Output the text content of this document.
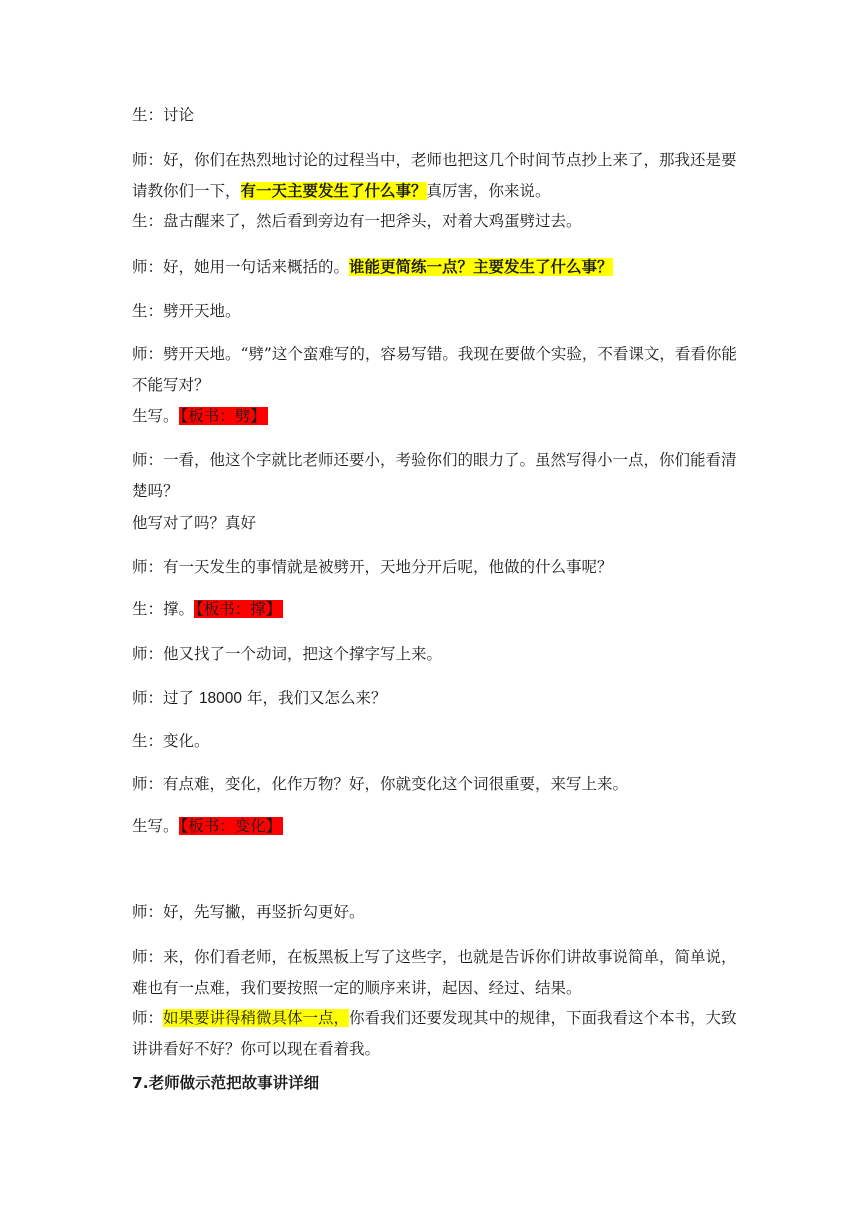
生：讨论

师：好，你们在热烈地讨论的过程当中，老师也把这几个时间节点抄上来了，那我还是要请教你们一下，有一天主要发生了什么事？真厉害，你来说。

生：盘古醒来了，然后看到旁边有一把斧头，对着大鸡蛋劈过去。

师：好，她用一句话来概括的。谁能更简练一点？主要发生了什么事？

生：劈开天地。

师：劈开天地。“劈”这个蛮难写的，容易写错。我现在要做个实验，不看课文，看看你能不能写对？

生写。 【板书：劈】

师：一看，他这个字就比老师还要小，考验你们的眼力了。虽然写得小一点，你们能看清楚吗？

他写对了吗？真好

师：有一天发生的事情就是被劈开，天地分开后呢，他做的什么事呢？

生：撑。 【板书：撑】

师：他又找了一个动词，把这个撑字写上来。

师：过了 18000 年，我们又怎么来？

生：变化。

师：有点难，变化，化作万物？好，你就变化这个词很重要，来写上来。

生写。 【板书：变化】

师：好，先写撇，再竖折勾更好。

师：来，你们看老师，在板黑板上写了这些字，也就是告诉你们讲故事说简单，简单说，难也有一点难，我们要按照一定的顺序来讲，起因、经过、结果。

师：如果要讲得稍微具体一点，你看我们还要发现其中的规律，下面我看这个本书，大致讲讲看好不好？你可以现在看着我。

7.老师做示范把故事讲详细
